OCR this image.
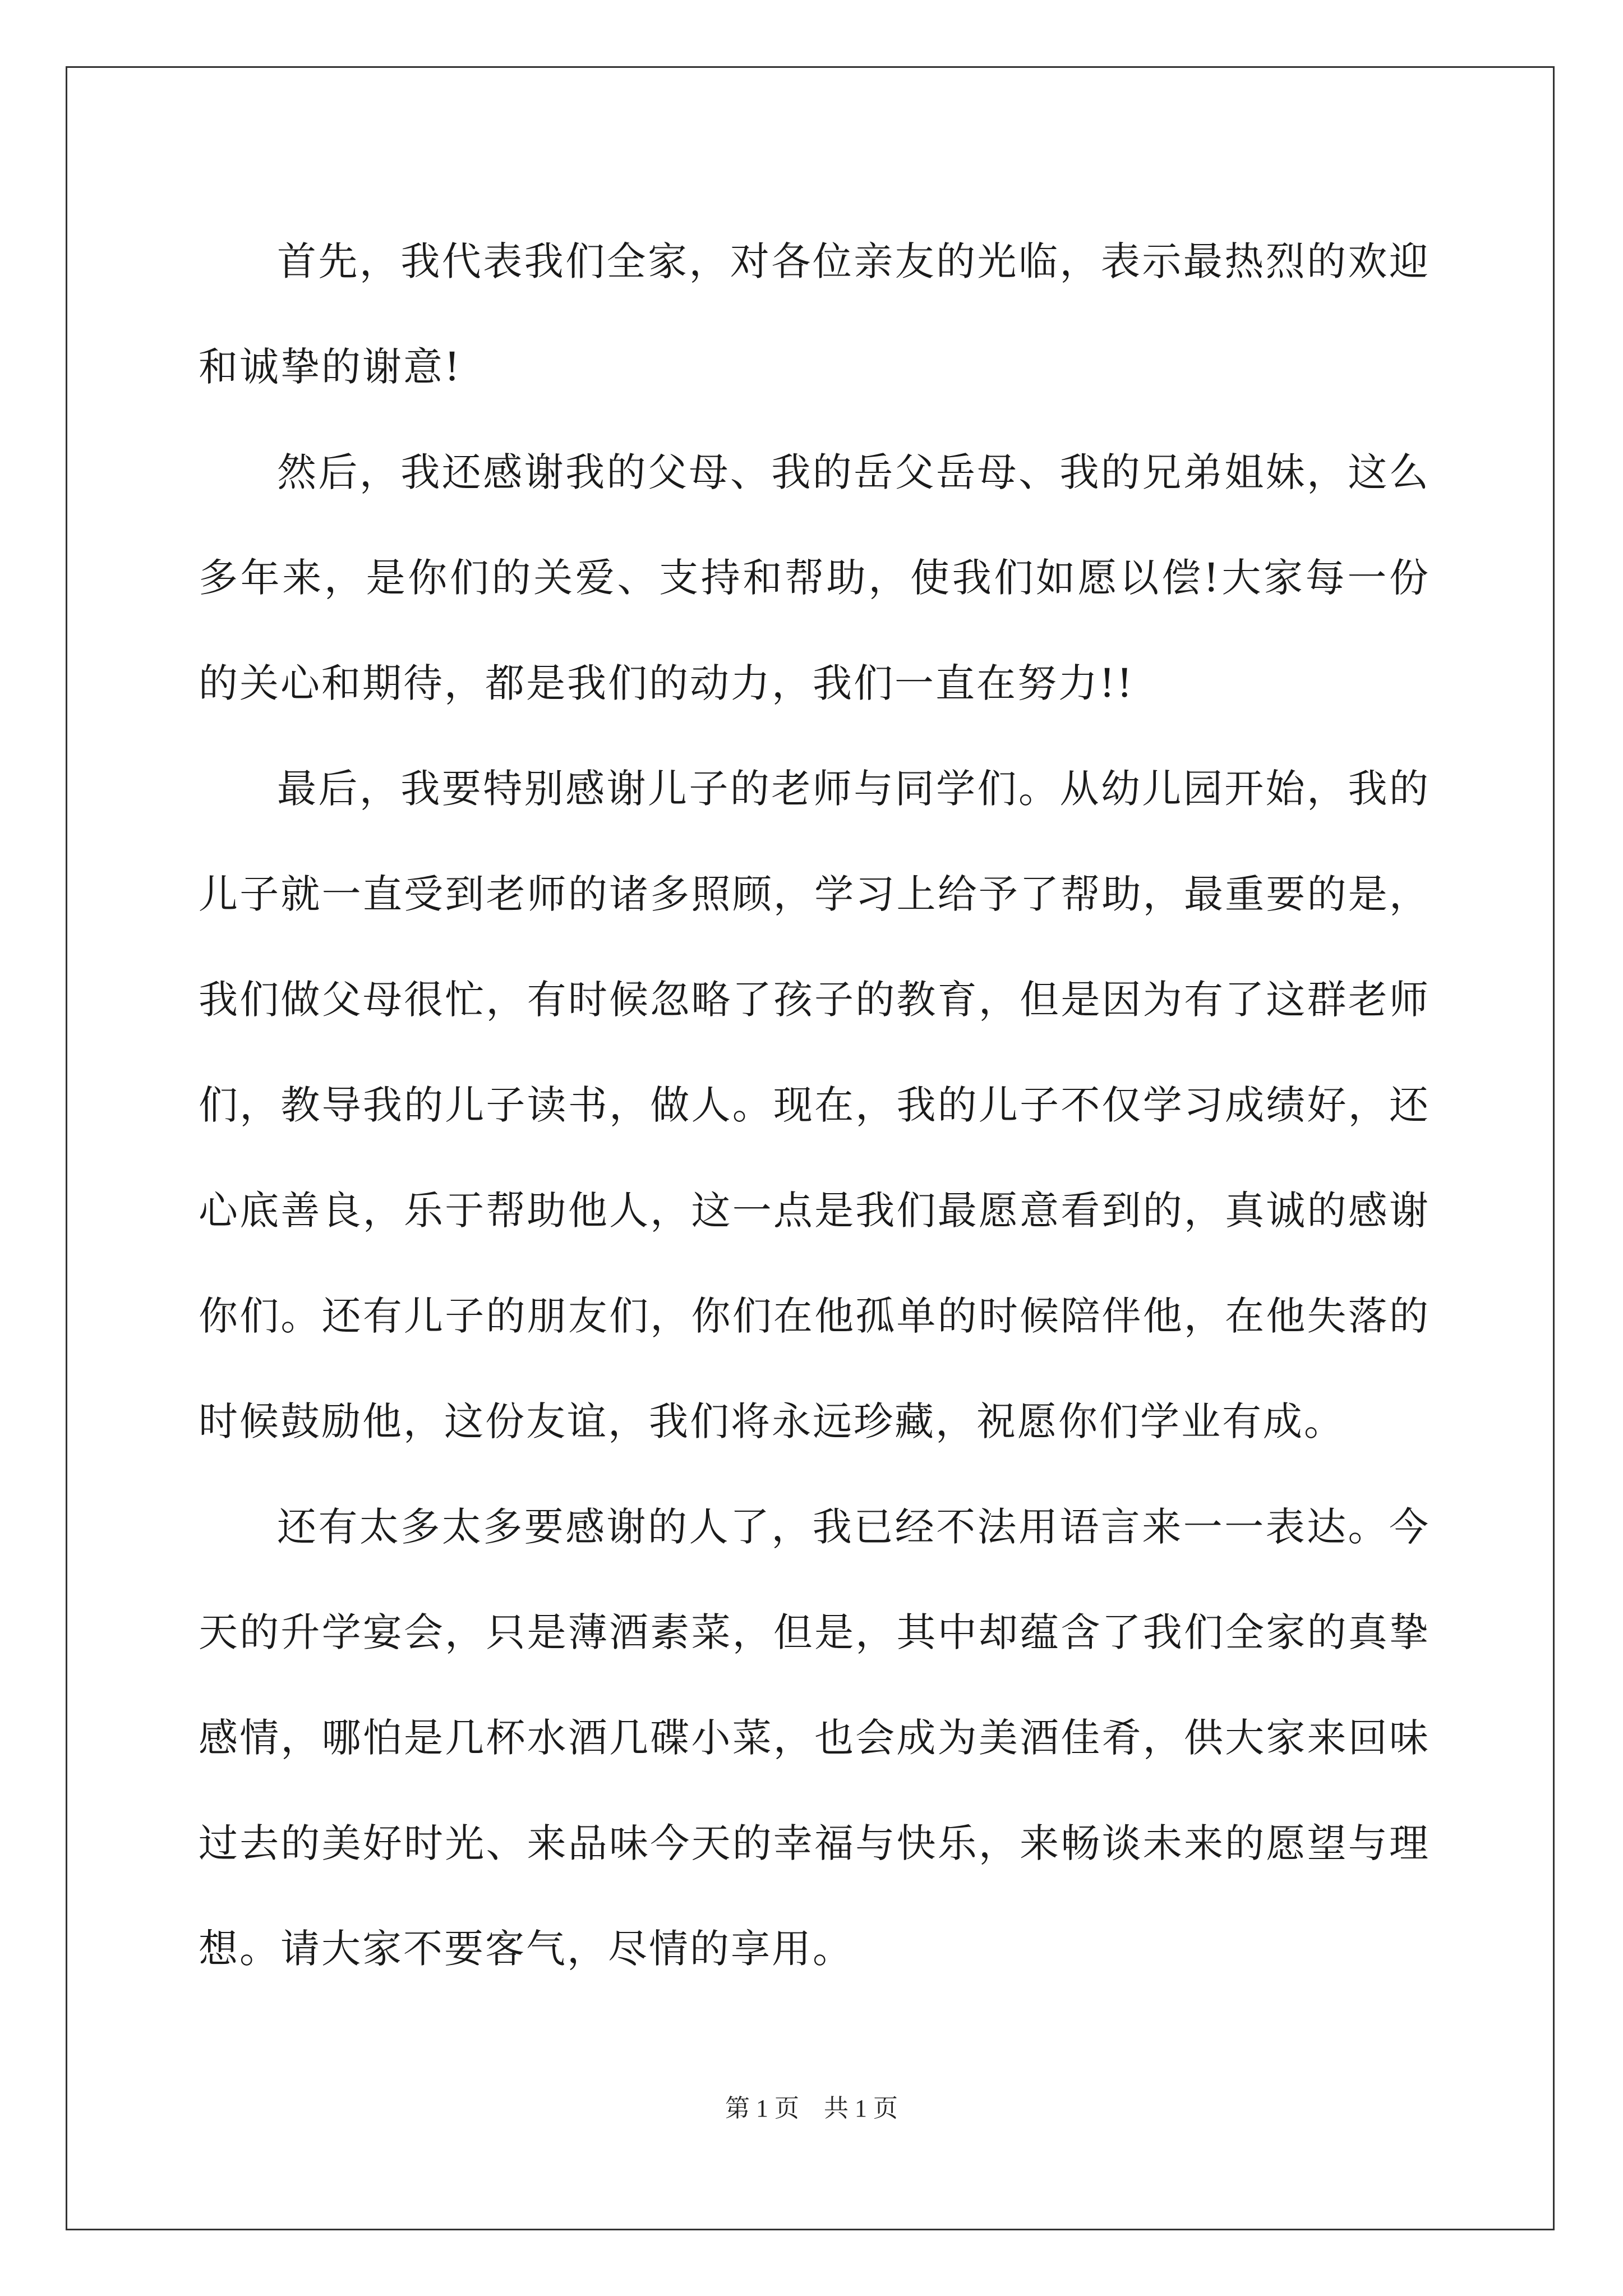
首先，我代表我们全家，对各位亲友的光临，表示最热烈的欢迎和诚挚的谢意!

然后，我还感谢我的父母、我的岳父岳母、我的兄弟姐妹，这么多年来，是你们的关爱、支持和帮助，使我们如愿以偿!大家每一份的关心和期待，都是我们的动力，我们一直在努力!!

最后，我要特别感谢儿子的老师与同学们。从幼儿园开始，我的儿子就一直受到老师的诸多照顾，学习上给予了帮助，最重要的是，我们做父母很忙，有时候忽略了孩子的教育，但是因为有了这群老师们，教导我的儿子读书，做人。现在，我的儿子不仅学习成绩好，还心底善良，乐于帮助他人，这一点是我们最愿意看到的，真诚的感谢你们。还有儿子的朋友们，你们在他孤单的时候陪伴他，在他失落的时候鼓励他，这份友谊，我们将永远珍藏，祝愿你们学业有成。

还有太多太多要感谢的人了，我已经不法用语言来一一表达。今天的升学宴会，只是薄酒素菜，但是，其中却蕴含了我们全家的真挚感情，哪怕是几杯水酒几碟小菜，也会成为美酒佳肴，供大家来回味过去的美好时光、来品味今天的幸福与快乐，来畅谈未来的愿望与理想。请大家不要客气，尽情的享用。

第 1 页 共 1 页
